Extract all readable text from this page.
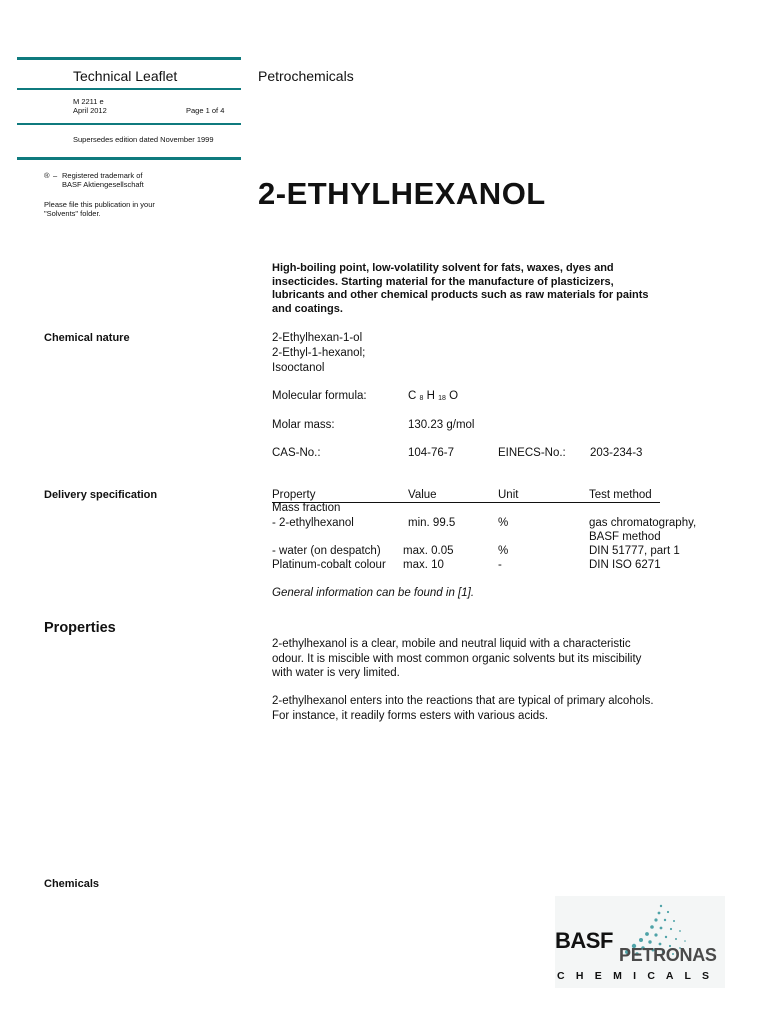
Technical Leaflet	Petrochemicals
M 2211 e
April 2012	Page 1 of 4
Supersedes edition dated November 1999
® – Registered trademark of
BASF Aktiengesellschaft
Please file this publication in your
"Solvents" folder.
2-ETHYLHEXANOL
High-boiling point, low-volatility solvent for fats, waxes, dyes and insecticides. Starting material for the manufacture of plasticizers, lubricants and other chemical products such as raw materials for paints and coatings.
Chemical nature	2-Ethylhexan-1-ol
2-Ethyl-1-hexanol;
Isooctanol
Molecular formula:	C $_8$ H $_{18}$ O
Molar mass:	130.23 g/mol
CAS-No.:	104-76-7	EINECS-No.: 203-234-3
Delivery specification	Property	Value	Unit	Test method
Mass fraction
- 2-ethylhexanol	min. 99.5	%	gas chromatography,
BASF method
- water (on despatch) max. 0.05	%	DIN 51777, part 1
Platinum-cobalt colour max. 10	-	DIN ISO 6271
General information can be found in [1].
Properties
2-ethylhexanol is a clear, mobile and neutral liquid with a characteristic odour. It is miscible with most common organic solvents but its miscibility with water is very limited.
2-ethylhexanol enters into the reactions that are typical of primary alcohols. For instance, it readily forms esters with various acids.
Chemicals
BASF
PETRONAS
C H E M I C A L S
